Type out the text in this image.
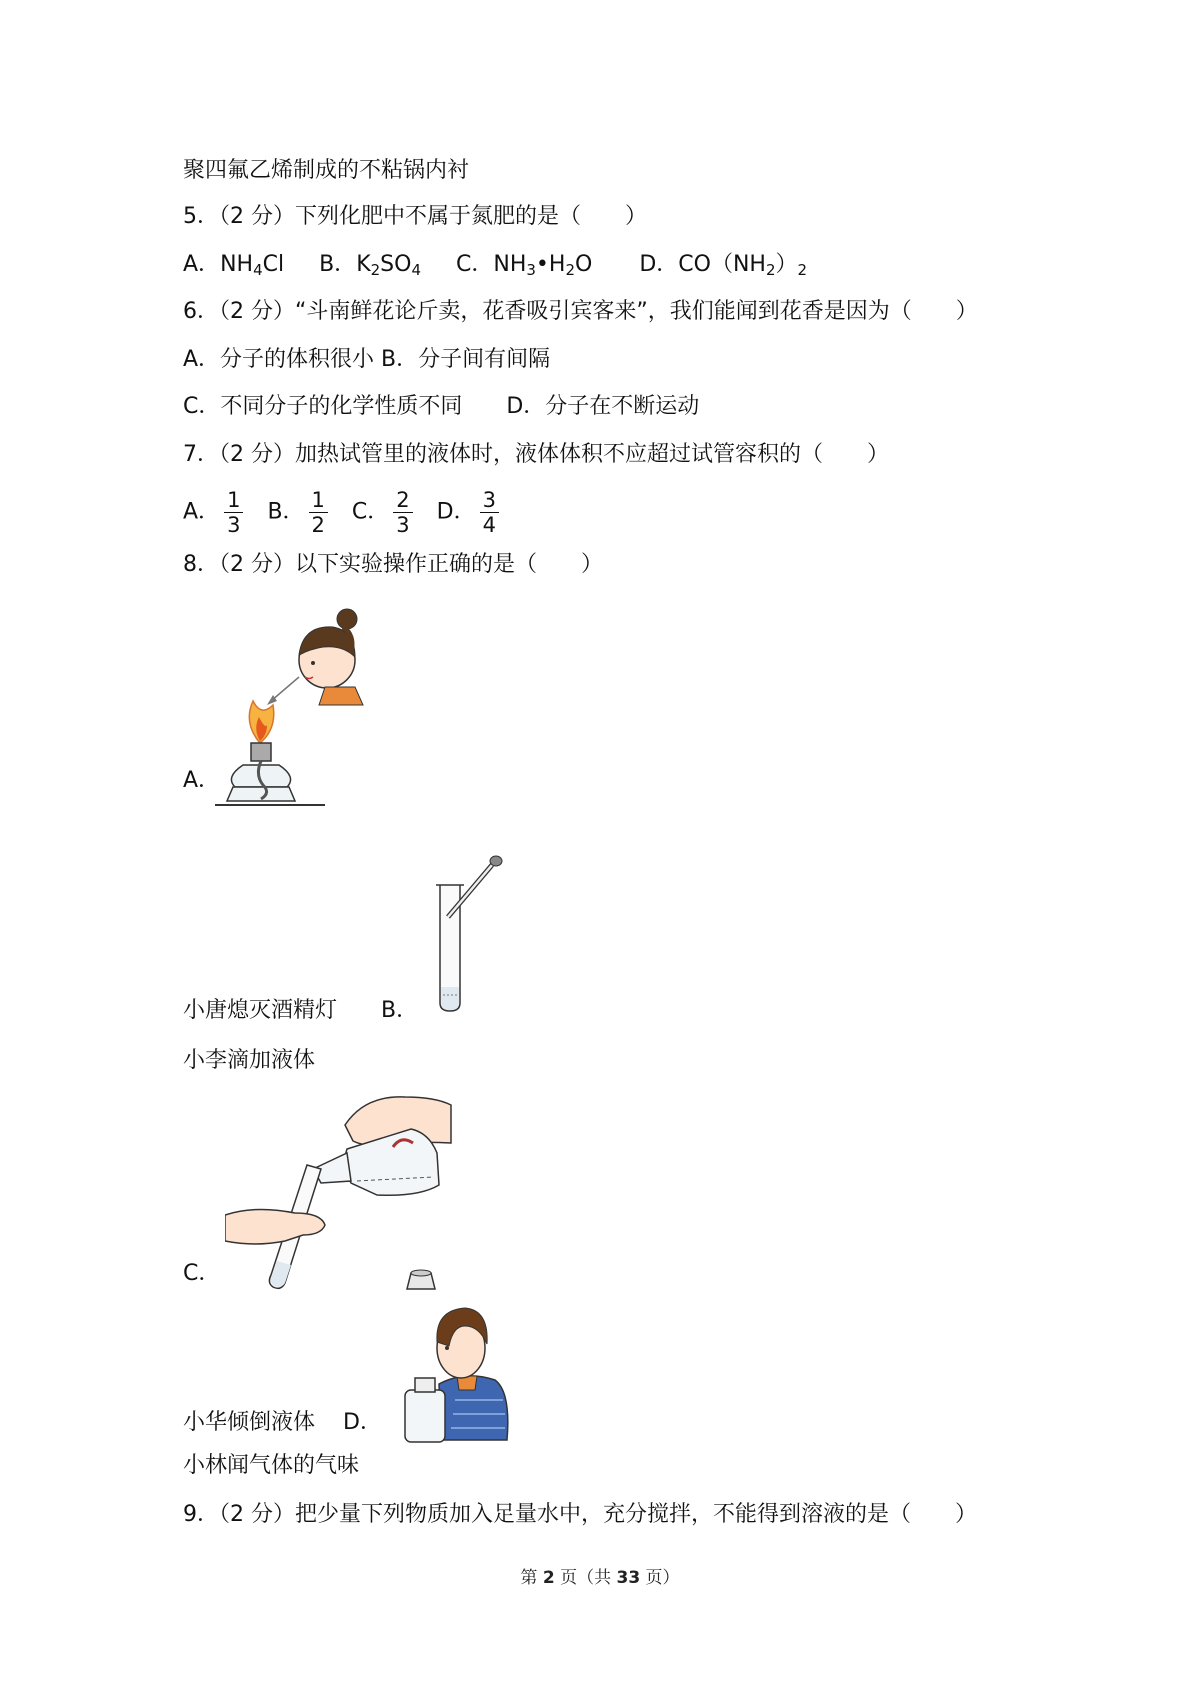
聚四氟乙烯制成的不粘锅内衬
5．（2 分）下列化肥中不属于氮肥的是（　　）
A．$NH_4Cl$ B．$K_2SO_4$ C．$NH_3•H_2O$ D．$CO(NH_2)_2$
6．（2 分）“斗南鲜花论斤卖，花香吸引宾客来”，我们能闻到花香是因为（　　）
A．分子的体积很小 B．分子间有间隔
C．不同分子的化学性质不同　　D．分子在不断运动
7．（2 分）加热试管里的液体时，液体体积不应超过试管容积的（　　）
A． $\frac{1}{3}$ B． $\frac{1}{2}$ C． $\frac{2}{3}$ D． $\frac{3}{4}$
8．（2 分）以下实验操作正确的是（　　）
A．
小唐熄灭酒精灯 B．
小李滴加液体
C．
小华倾倒液体 D．
小林闻气体的气味
9．（2 分）把少量下列物质加入足量水中，充分搅拌，不能得到溶液的是（　　）
第 2 页（共 33 页）
